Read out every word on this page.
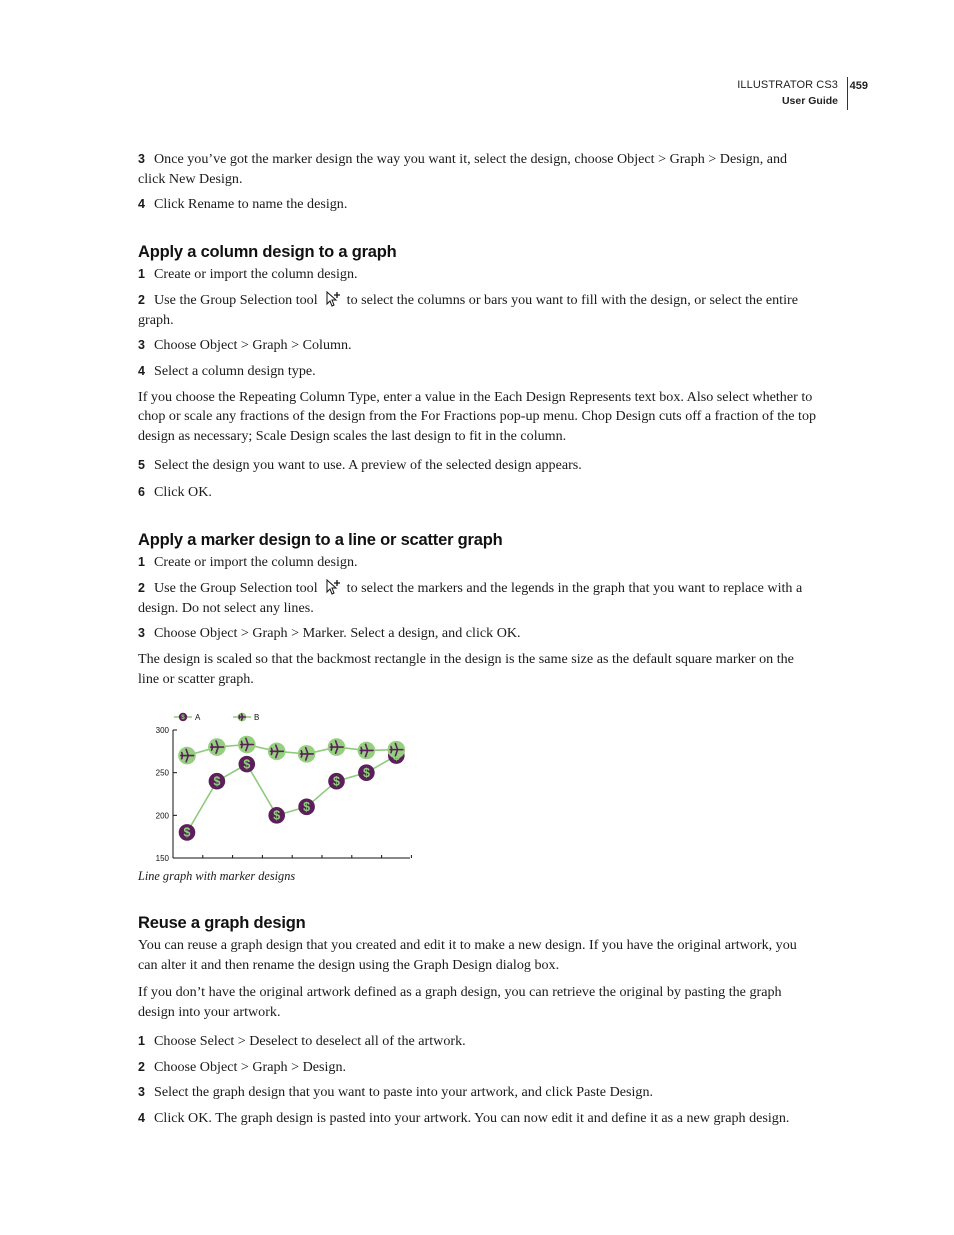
ILLUSTRATOR CS3
User Guide
459

3 Once you’ve got the marker design the way you want it, select the design, choose Object > Graph > Design, and click New Design.

4 Click Rename to name the design.

Apply a column design to a graph

1 Create or import the column design.

2 Use the Group Selection tool  to select the columns or bars you want to fill with the design, or select the entire graph.

3 Choose Object > Graph > Column.

4 Select a column design type.

If you choose the Repeating Column Type, enter a value in the Each Design Represents text box. Also select whether to chop or scale any fractions of the design from the For Fractions pop-up menu. Chop Design cuts off a fraction of the top design as necessary; Scale Design scales the last design to fit in the column.

5 Select the design you want to use. A preview of the selected design appears.

6 Click OK.

Apply a marker design to a line or scatter graph

1 Create or import the column design.

2 Use the Group Selection tool  to select the markers and the legends in the graph that you want to replace with a design. Do not select any lines.

3 Choose Object > Graph > Marker. Select a design, and click OK.

The design is scaled so that the backmost rectangle in the design is the same size as the default square marker on the line or scatter graph.

150
200
250
300
$
$
$
$
$
$
$
$ A	B

Line graph with marker designs

Reuse a graph design

You can reuse a graph design that you created and edit it to make a new design. If you have the original artwork, you can alter it and then rename the design using the Graph Design dialog box.

If you don’t have the original artwork defined as a graph design, you can retrieve the original by pasting the graph design into your artwork.

1 Choose Select > Deselect to deselect all of the artwork.

2 Choose Object > Graph > Design.

3 Select the graph design that you want to paste into your artwork, and click Paste Design.

4 Click OK. The graph design is pasted into your artwork. You can now edit it and define it as a new graph design.
